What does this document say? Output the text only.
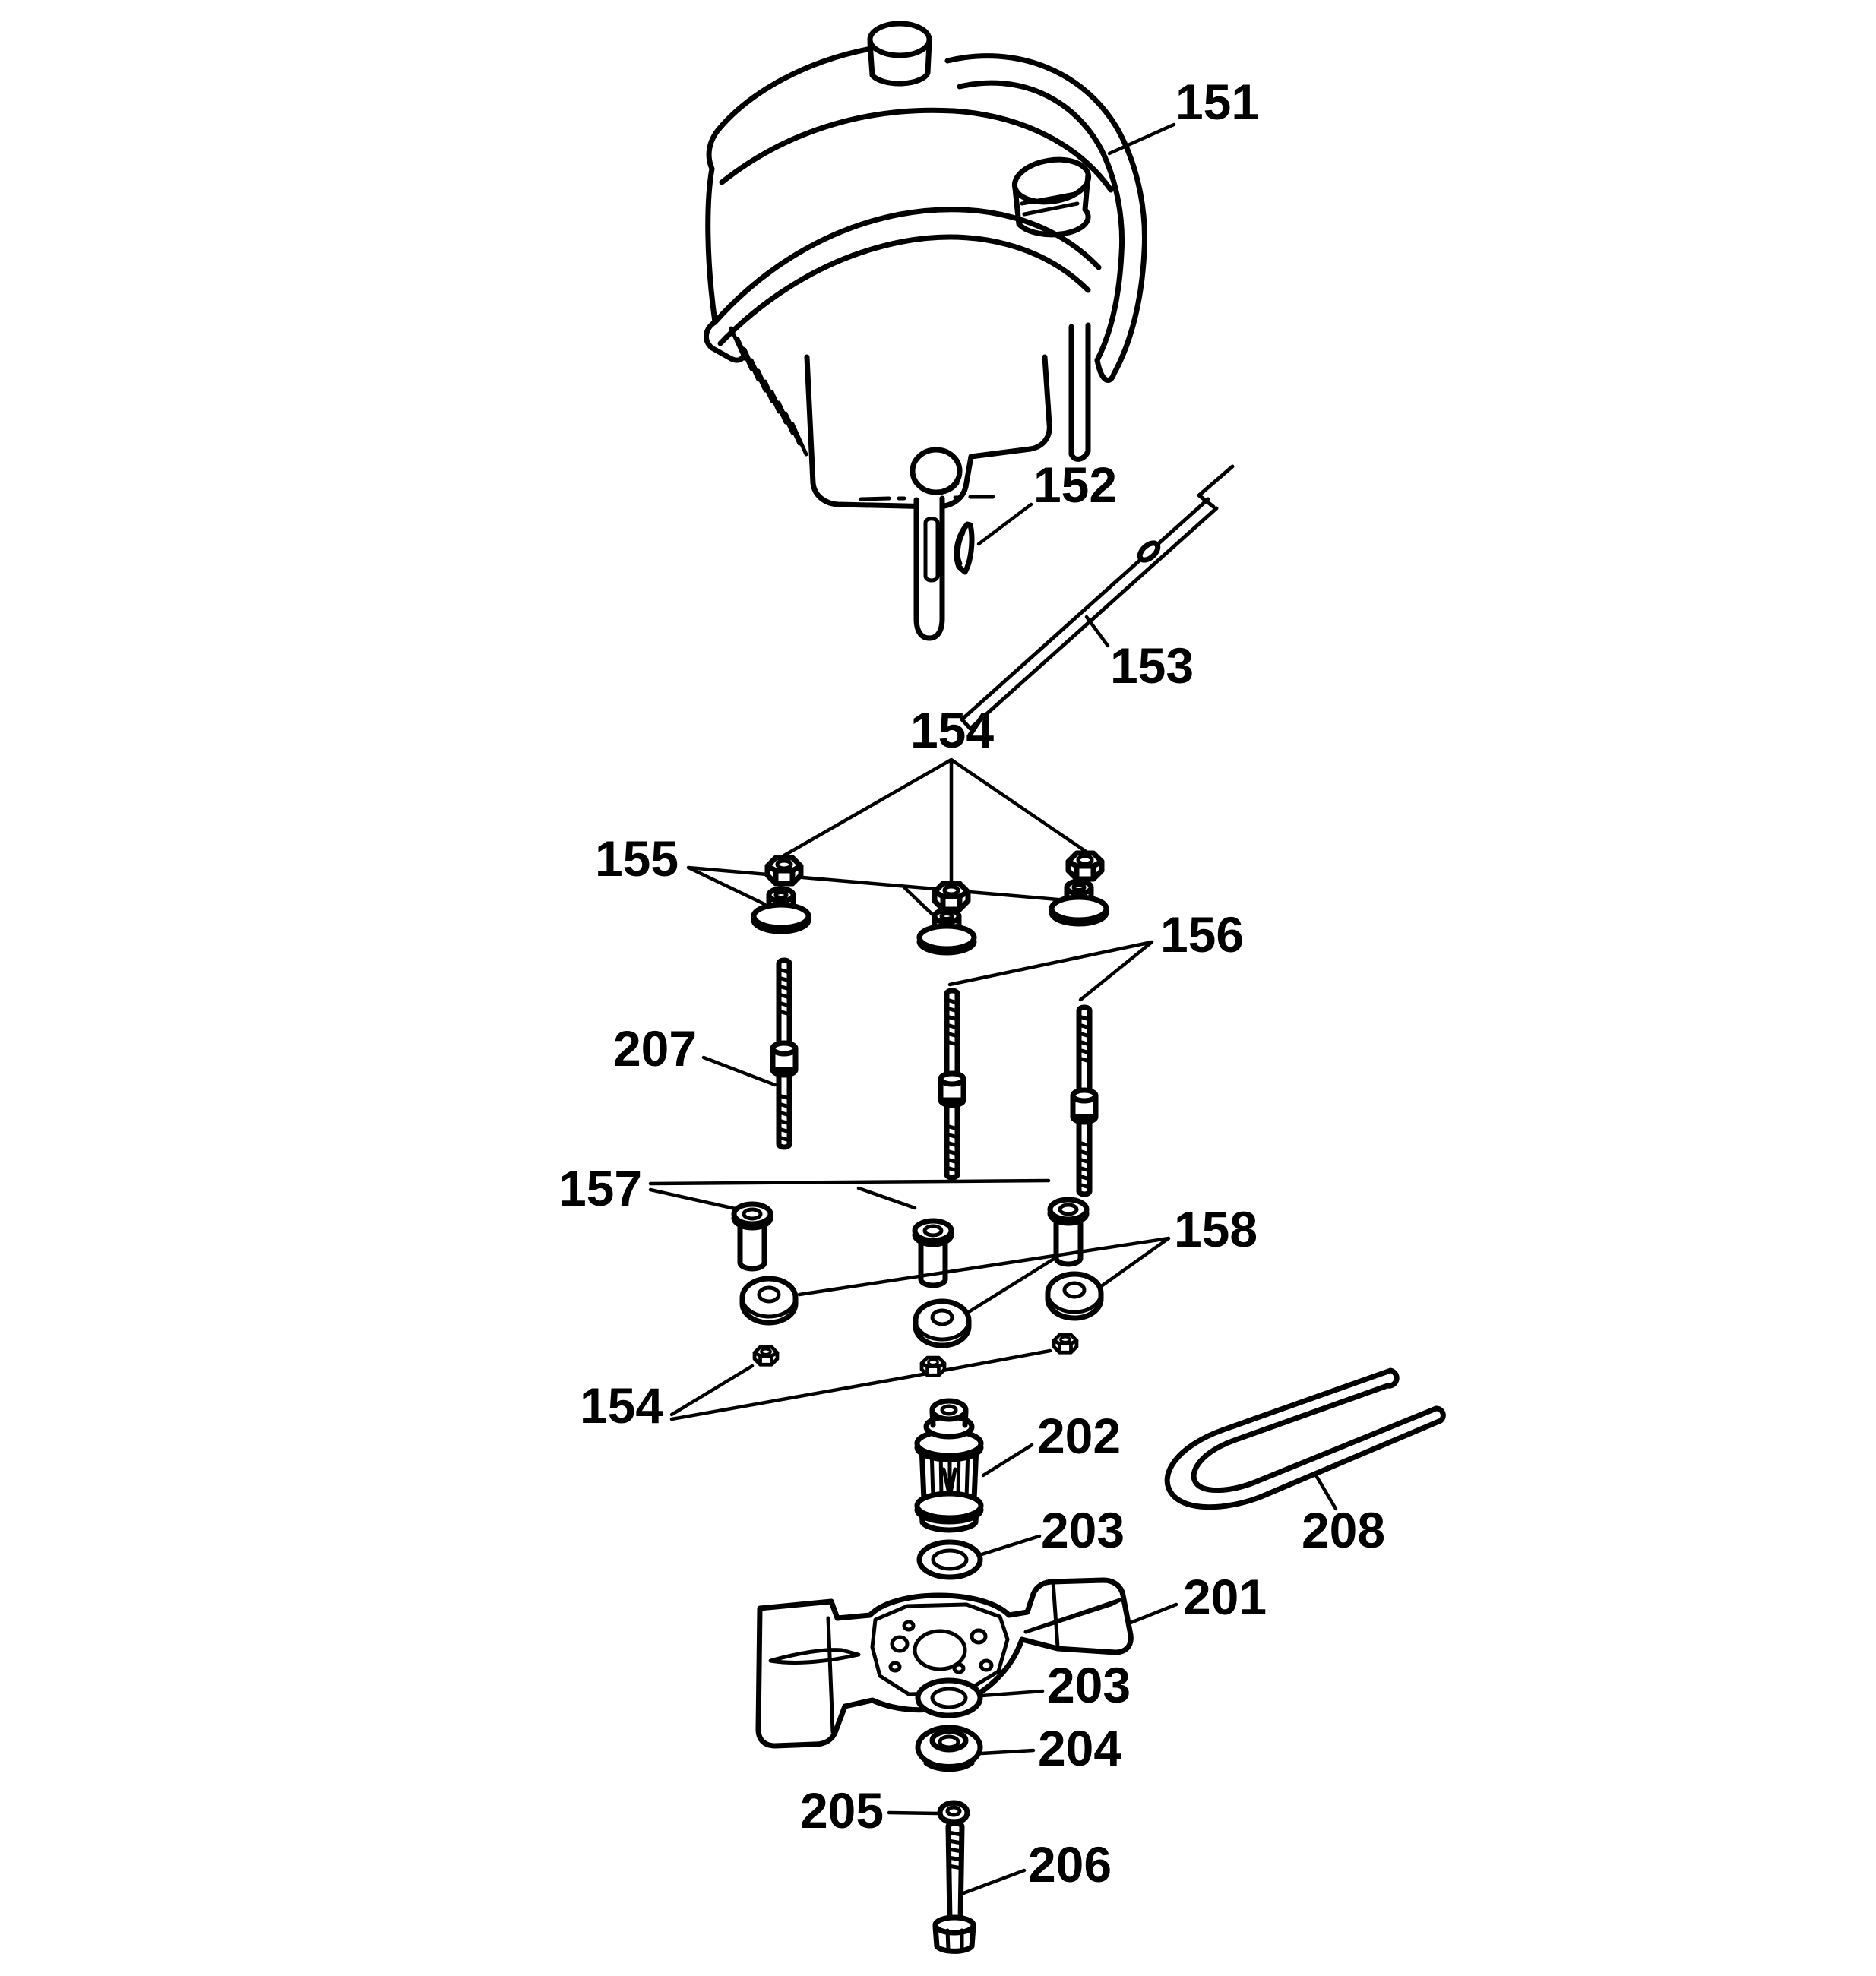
151
152
153
154
155
156
207
157
158
154
202
203	208
201
203
204
205
206
